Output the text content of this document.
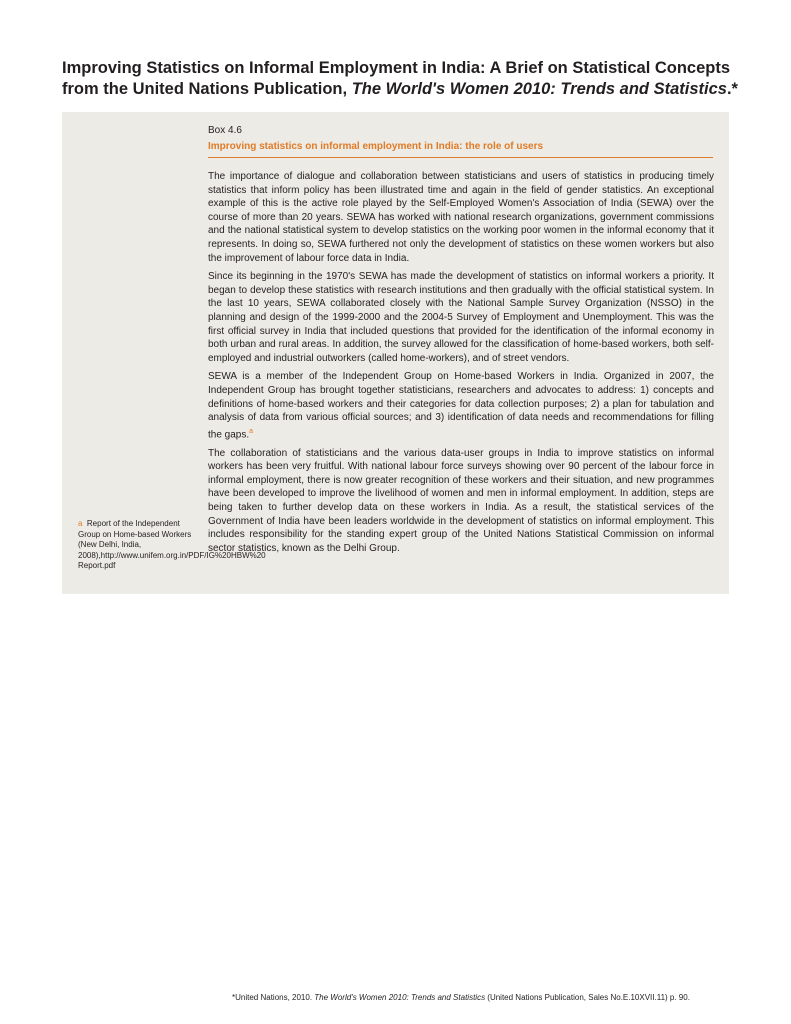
Improving Statistics on Informal Employment in India: A Brief on Statistical Concepts from the United Nations Publication, The World's Women 2010: Trends and Statistics.*
Box 4.6
Improving statistics on informal employment in India: the role of users

The importance of dialogue and collaboration between statisticians and users of statistics in producing timely statistics that inform policy has been illustrated time and again in the field of gender statistics. An exceptional example of this is the active role played by the Self-Employed Women's Association of India (SEWA) over the course of more than 20 years. SEWA has worked with national research organizations, government commissions and the national statistical system to develop statistics on the working poor women in the informal economy that it represents. In doing so, SEWA furthered not only the development of statistics on these women workers but also the improvement of labour force data in India.

Since its beginning in the 1970's SEWA has made the development of statistics on informal workers a priority. It began to develop these statistics with research institutions and then gradually with the official statistical system. In the last 10 years, SEWA collaborated closely with the National Sample Survey Organization (NSSO) in the planning and design of the 1999-2000 and the 2004-5 Survey of Employment and Unemployment. This was the first official survey in India that included questions that provided for the identification of the informal economy in both urban and rural areas. In addition, the survey allowed for the classification of home-based workers, both self-employed and industrial outworkers (called home-workers), and of street vendors.

SEWA is a member of the Independent Group on Home-based Workers in India. Organized in 2007, the Independent Group has brought together statisticians, researchers and advocates to address: 1) concepts and definitions of home-based workers and their categories for data collection purposes; 2) a plan for tabulation and analysis of data from various official sources; and 3) identification of data needs and recommendations for filling the gaps.$^a$

The collaboration of statisticians and the various data-user groups in India to improve statistics on informal workers has been very fruitful. With national labour force surveys showing over 90 percent of the labour force in informal employment, there is now greater recognition of these workers and their situation, and new programmes have been developed to improve the livelihood of women and men in informal employment. In addition, steps are being taken to further develop data on these workers in India. As a result, the statistical services of the Government of India have been leaders worldwide in the development of statistics on informal employment. This includes responsibility for the standing expert group of the United Nations Statistical Commission on informal sector statistics, known as the Delhi Group.

a Report of the Independent Group on Home-based Workers (New Delhi, India, 2008),http://www.unifem.org.in/PDF/IG%20HBW%20 Report.pdf
*United Nations, 2010. The World's Women 2010: Trends and Statistics (United Nations Publication, Sales No.E.10XVII.11) p. 90.
